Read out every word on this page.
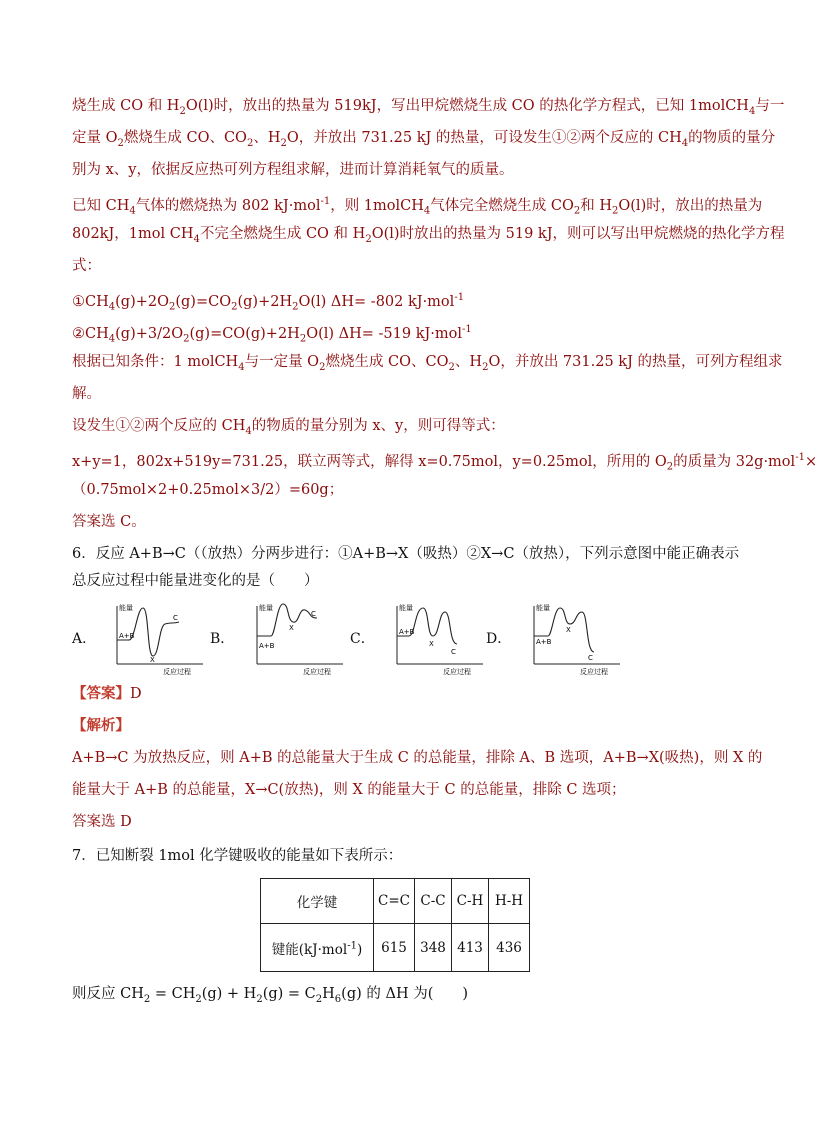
烧生成 CO 和 $H_2O(l)$时，放出的热量为 519kJ，写出甲烷燃烧生成 CO 的热化学方程式，已知 1molCH$_4$与一
定量 $O_2$燃烧生成 CO、$CO_2$、$H_2O$，并放出 731.25 kJ 的热量，可设发生①②两个反应的 $CH_4$的物质的量分
别为 x、y，依据反应热可列方程组求解，进而计算消耗氧气的质量。
已知 $CH_4$气体的燃烧热为 802 kJ·mol$^{-1}$，则 1molCH$_4$气体完全燃烧生成 $CO_2$和 $H_2O(l)$时，放出的热量为
802kJ，1mol $CH_4$不完全燃烧生成 CO 和 $H_2O(l)$时放出的热量为 519 kJ，则可以写出甲烷燃烧的热化学方程
式：
$①CH_4(g)+2O_2(g)=CO_2(g)+2H_2O(l)$ ΔH= -802 kJ·mol$^{-1}$
$②CH_4(g)+3/2O_2(g)=CO(g)+2H_2O(l)$ ΔH= -519 kJ·mol$^{-1}$
根据已知条件：1 molCH$_4$与一定量 $O_2$燃烧生成 CO、$CO_2$、$H_2O$，并放出 731.25 kJ 的热量，可列方程组求
解。
设发生①②两个反应的 $CH_4$的物质的量分别为 x、y，则可得等式：
x+y=1，802x+519y=731.25，联立两等式，解得 x=0.75mol，y=0.25mol，所用的 $O_2$的质量为 32g·mol$^{-1}$×
（0.75mol×2+0.25mol×3/2）=60g；
答案选 C。
6．反应 A+B→C（（放热）分两步进行：①A+B→X（吸热）②X→C（放热），下列示意图中能正确表示
总反应过程中能量进变化的是（　　）
A．
能量
反应过程
A+B
X
C
B．
能量
反应过程
A+B
X
C
C．
能量
反应过程
A+B
X
C
D．
能量
反应过程
A+B
X
C
【答案】D
【解析】
A+B→C 为放热反应，则 A+B 的总能量大于生成 C 的总能量，排除 A、B 选项，A+B→X(吸热)，则 X 的
能量大于 A+B 的总能量，X→C(放热)，则 X 的能量大于 C 的总能量，排除 C 选项；
答案选 D
7．已知断裂 1mol 化学键吸收的能量如下表所示：
化学键	C=C	C-C	C-H	H-H
键能(kJ·mol$^{-1}$)	615	348	413	436
则反应 $CH_2 = CH_2(g) + H_2(g) = C_2H_6(g)$ 的 ΔH 为(　　)
